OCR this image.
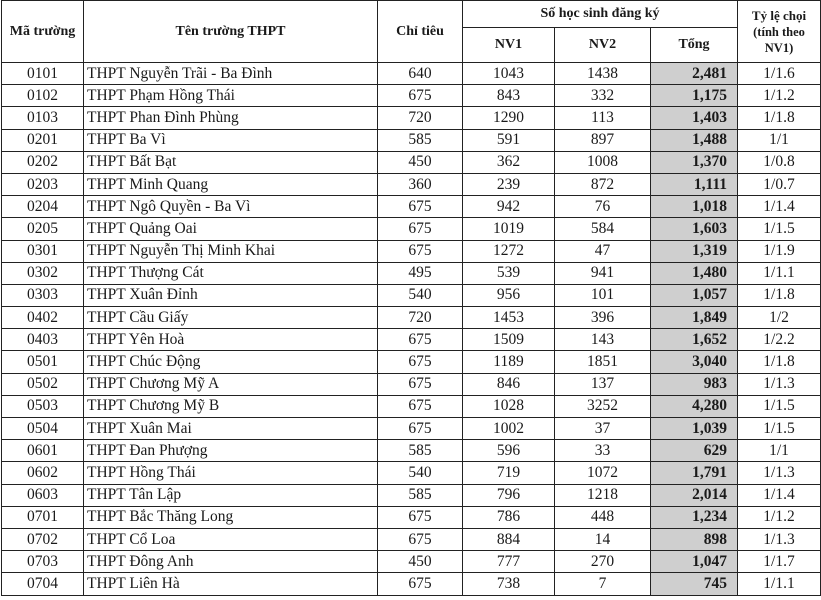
Mã trường	Tên trường THPT	Chỉ tiêu	Số học sinh đăng ký			Tỷ lệ chọi
(tính theo NV1)

			NV1	NV2	Tổng	
0101	THPT Nguyễn Trãi - Ba Đình	640	1043	1438	2,481	1/1.6
0102	THPT Phạm Hồng Thái	675	843	332	1,175	1/1.2
0103	THPT Phan Đình Phùng	720	1290	113	1,403	1/1.8
0201	THPT Ba Vì	585	591	897	1,488	1/1
0202	THPT Bất Bạt	450	362	1008	1,370	1/0.8
0203	THPT Minh Quang	360	239	872	1,111	1/0.7
0204	THPT Ngô Quyền - Ba Vì	675	942	76	1,018	1/1.4
0205	THPT Quảng Oai	675	1019	584	1,603	1/1.5
0301	THPT Nguyễn Thị Minh Khai	675	1272	47	1,319	1/1.9
0302	THPT Thượng Cát	495	539	941	1,480	1/1.1
0303	THPT Xuân Đỉnh	540	956	101	1,057	1/1.8
0402	THPT Cầu Giấy	720	1453	396	1,849	1/2
0403	THPT Yên Hoà	675	1509	143	1,652	1/2.2
0501	THPT Chúc Động	675	1189	1851	3,040	1/1.8
0502	THPT Chương Mỹ A	675	846	137	983	1/1.3
0503	THPT Chương Mỹ B	675	1028	3252	4,280	1/1.5
0504	THPT Xuân Mai	675	1002	37	1,039	1/1.5
0601	THPT Đan Phượng	585	596	33	629	1/1
0602	THPT Hồng Thái	540	719	1072	1,791	1/1.3
0603	THPT Tân Lập	585	796	1218	2,014	1/1.4
0701	THPT Bắc Thăng Long	675	786	448	1,234	1/1.2
0702	THPT Cổ Loa	675	884	14	898	1/1.3
0703	THPT Đông Anh	450	777	270	1,047	1/1.7
0704	THPT Liên Hà	675	738	7	745	1/1.1
